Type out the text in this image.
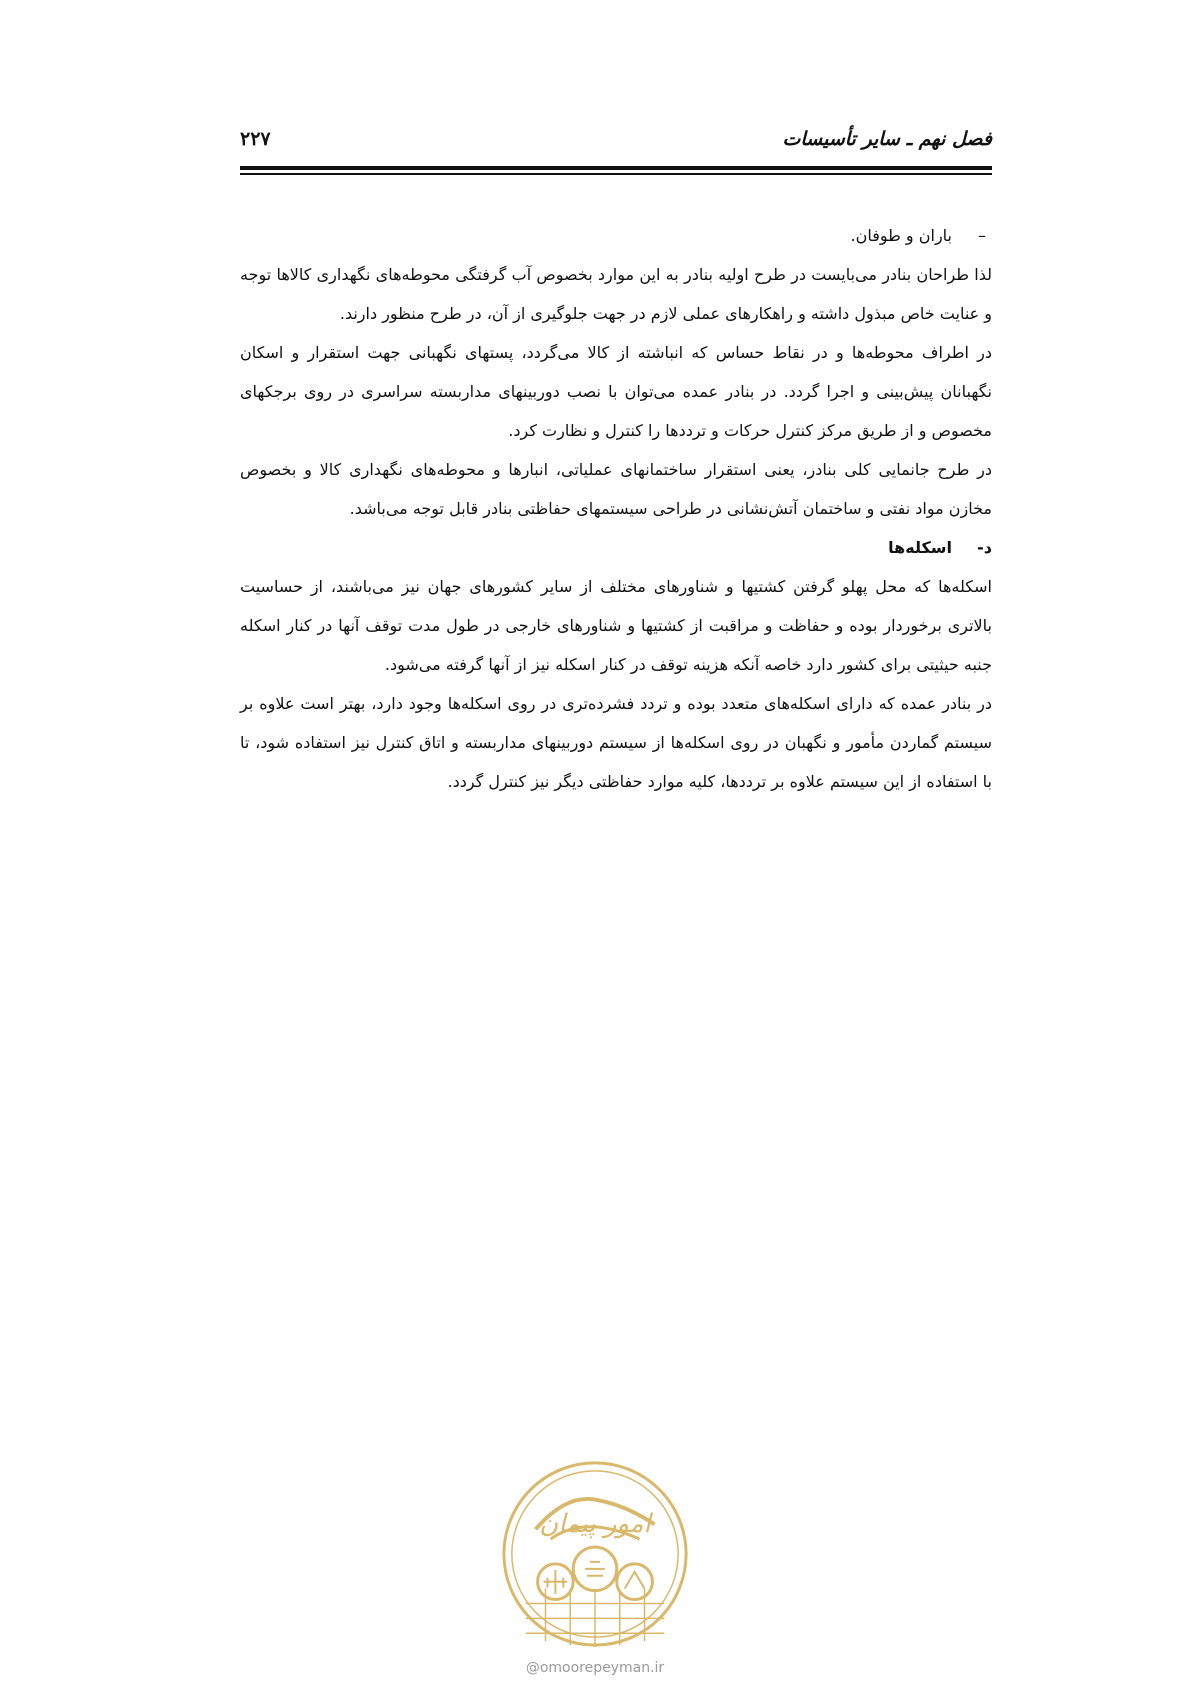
فصل نهم ـ سایر تأسیسات
۲۲۷

–
باران و طوفان.

لذا طراحان بنادر می‌بایست در طرح اولیه بنادر به این موارد بخصوص آب گرفتگی محوطه‌های نگهداری کالاها توجه و عنایت خاص مبذول داشته و راهکارهای عملی لازم در جهت جلوگیری از آن، در طرح منظور دارند.

در اطراف محوطه‌ها و در نقاط حساس که انباشته از کالا می‌گردد، پستهای نگهبانی جهت استقرار و اسکان نگهبانان پیش‌بینی و اجرا گردد. در بنادر عمده می‌توان با نصب دوربینهای مداربسته سراسری در روی برجکهای مخصوص و از طریق مرکز کنترل حرکات و ترددها را کنترل و نظارت کرد.

در طرح جانمایی کلی بنادر، یعنی استقرار ساختمانهای عملیاتی، انبارها و محوطه‌های نگهداری کالا و بخصوص مخازن مواد نفتی و ساختمان آتش‌نشانی در طراحی سیستمهای حفاظتی بنادر قابل توجه می‌باشد.

د-
اسکله‌ها

اسکله‌ها که محل پهلو گرفتن کشتیها و شناورهای مختلف از سایر کشورهای جهان نیز می‌باشند، از حساسیت بالاتری برخوردار بوده و حفاظت و مراقبت از کشتیها و شناورهای خارجی در طول مدت توقف آنها در کنار اسکله جنبه حیثیتی برای کشور دارد خاصه آنکه هزینه توقف در کنار اسکله نیز از آنها گرفته می‌شود.

در بنادر عمده که دارای اسکله‌های متعدد بوده و تردد فشرده‌تری در روی اسکله‌ها وجود دارد، بهتر است علاوه بر سیستم گماردن مأمور و نگهبان در روی اسکله‌ها از سیستم دوربینهای مداربسته و اتاق کنترل نیز استفاده شود، تا با استفاده از این سیستم علاوه بر ترددها، کلیه موارد حفاظتی دیگر نیز کنترل گردد.

امور پیمان
@omoorepeyman.ir
